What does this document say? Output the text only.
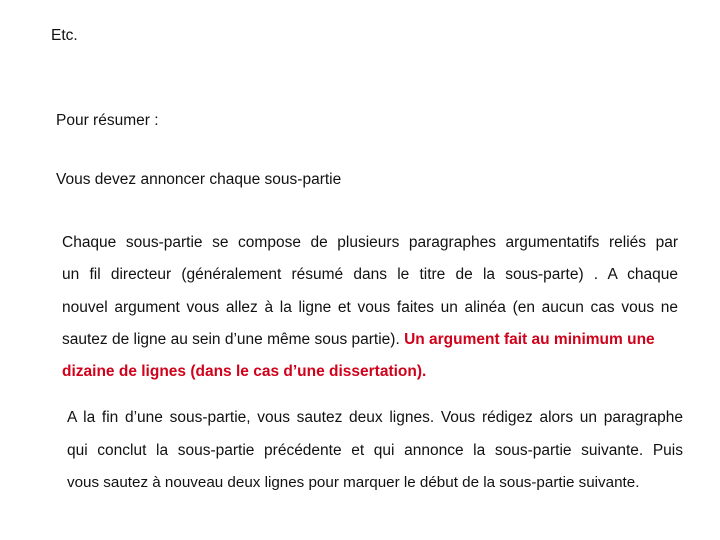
Etc.
Pour résumer :
Vous devez annoncer chaque sous-partie
Chaque sous-partie se compose de plusieurs paragraphes argumentatifs reliés par
un fil directeur (généralement résumé dans le titre de la sous-parte) . A chaque
nouvel argument vous allez à la ligne et vous faites un alinéa (en aucun cas vous ne
sautez de ligne au sein d’une même sous partie). Un argument fait au minimum une
dizaine de lignes (dans le cas d’une dissertation).
A la fin d’une sous-partie, vous sautez deux lignes. Vous rédigez alors un paragraphe
qui conclut la sous-partie précédente et qui annonce la sous-partie suivante. Puis
vous sautez à nouveau deux lignes pour marquer le début de la sous-partie suivante.
